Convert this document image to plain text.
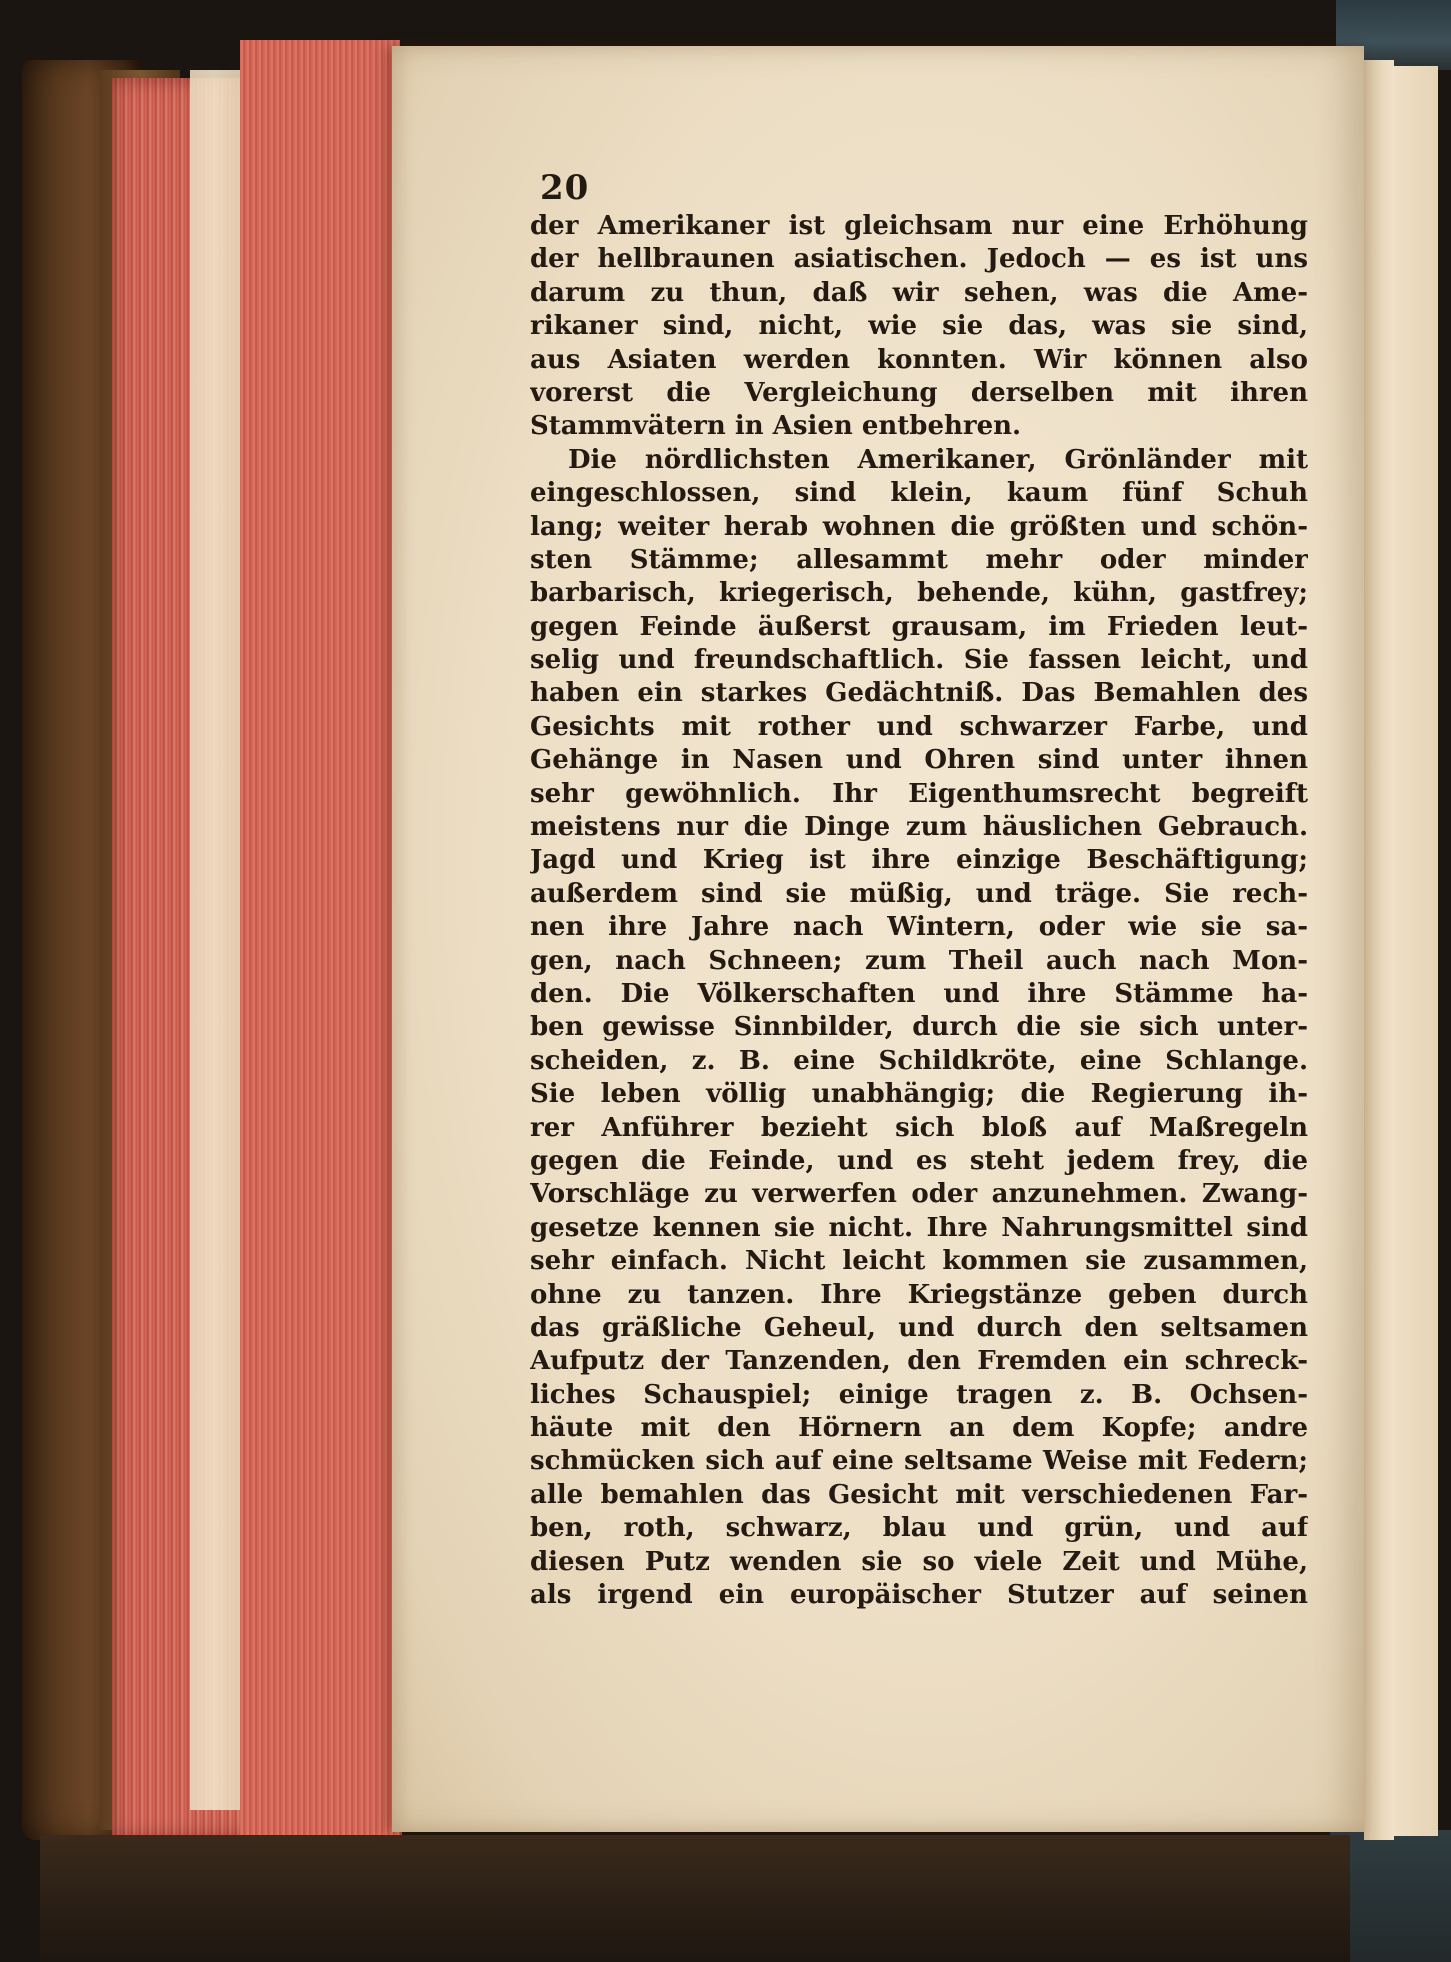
20
der Amerikaner ist gleichsam nur eine Erhöhung
der hellbraunen asiatischen. Jedoch — es ist uns
darum zu thun, daß wir sehen, was die Ame-
rikaner sind, nicht, wie sie das, was sie sind,
aus Asiaten werden konnten. Wir können also
vorerst die Vergleichung derselben mit ihren
Stammvätern in Asien entbehren.
Die nördlichsten Amerikaner, Grönländer mit
eingeschlossen, sind klein, kaum fünf Schuh
lang; weiter herab wohnen die größten und schön-
sten Stämme; allesammt mehr oder minder
barbarisch, kriegerisch, behende, kühn, gastfrey;
gegen Feinde äußerst grausam, im Frieden leut-
selig und freundschaftlich. Sie fassen leicht, und
haben ein starkes Gedächtniß. Das Bemahlen des
Gesichts mit rother und schwarzer Farbe, und
Gehänge in Nasen und Ohren sind unter ihnen
sehr gewöhnlich. Ihr Eigenthumsrecht begreift
meistens nur die Dinge zum häuslichen Gebrauch.
Jagd und Krieg ist ihre einzige Beschäftigung;
außerdem sind sie müßig, und träge. Sie rech-
nen ihre Jahre nach Wintern, oder wie sie sa-
gen, nach Schneen; zum Theil auch nach Mon-
den. Die Völkerschaften und ihre Stämme ha-
ben gewisse Sinnbilder, durch die sie sich unter-
scheiden, z. B. eine Schildkröte, eine Schlange.
Sie leben völlig unabhängig; die Regierung ih-
rer Anführer bezieht sich bloß auf Maßregeln
gegen die Feinde, und es steht jedem frey, die
Vorschläge zu verwerfen oder anzunehmen. Zwang-
gesetze kennen sie nicht. Ihre Nahrungsmittel sind
sehr einfach. Nicht leicht kommen sie zusammen,
ohne zu tanzen. Ihre Kriegstänze geben durch
das gräßliche Geheul, und durch den seltsamen
Aufputz der Tanzenden, den Fremden ein schreck-
liches Schauspiel; einige tragen z. B. Ochsen-
häute mit den Hörnern an dem Kopfe; andre
schmücken sich auf eine seltsame Weise mit Federn;
alle bemahlen das Gesicht mit verschiedenen Far-
ben, roth, schwarz, blau und grün, und auf
diesen Putz wenden sie so viele Zeit und Mühe,
als irgend ein europäischer Stutzer auf seinen
